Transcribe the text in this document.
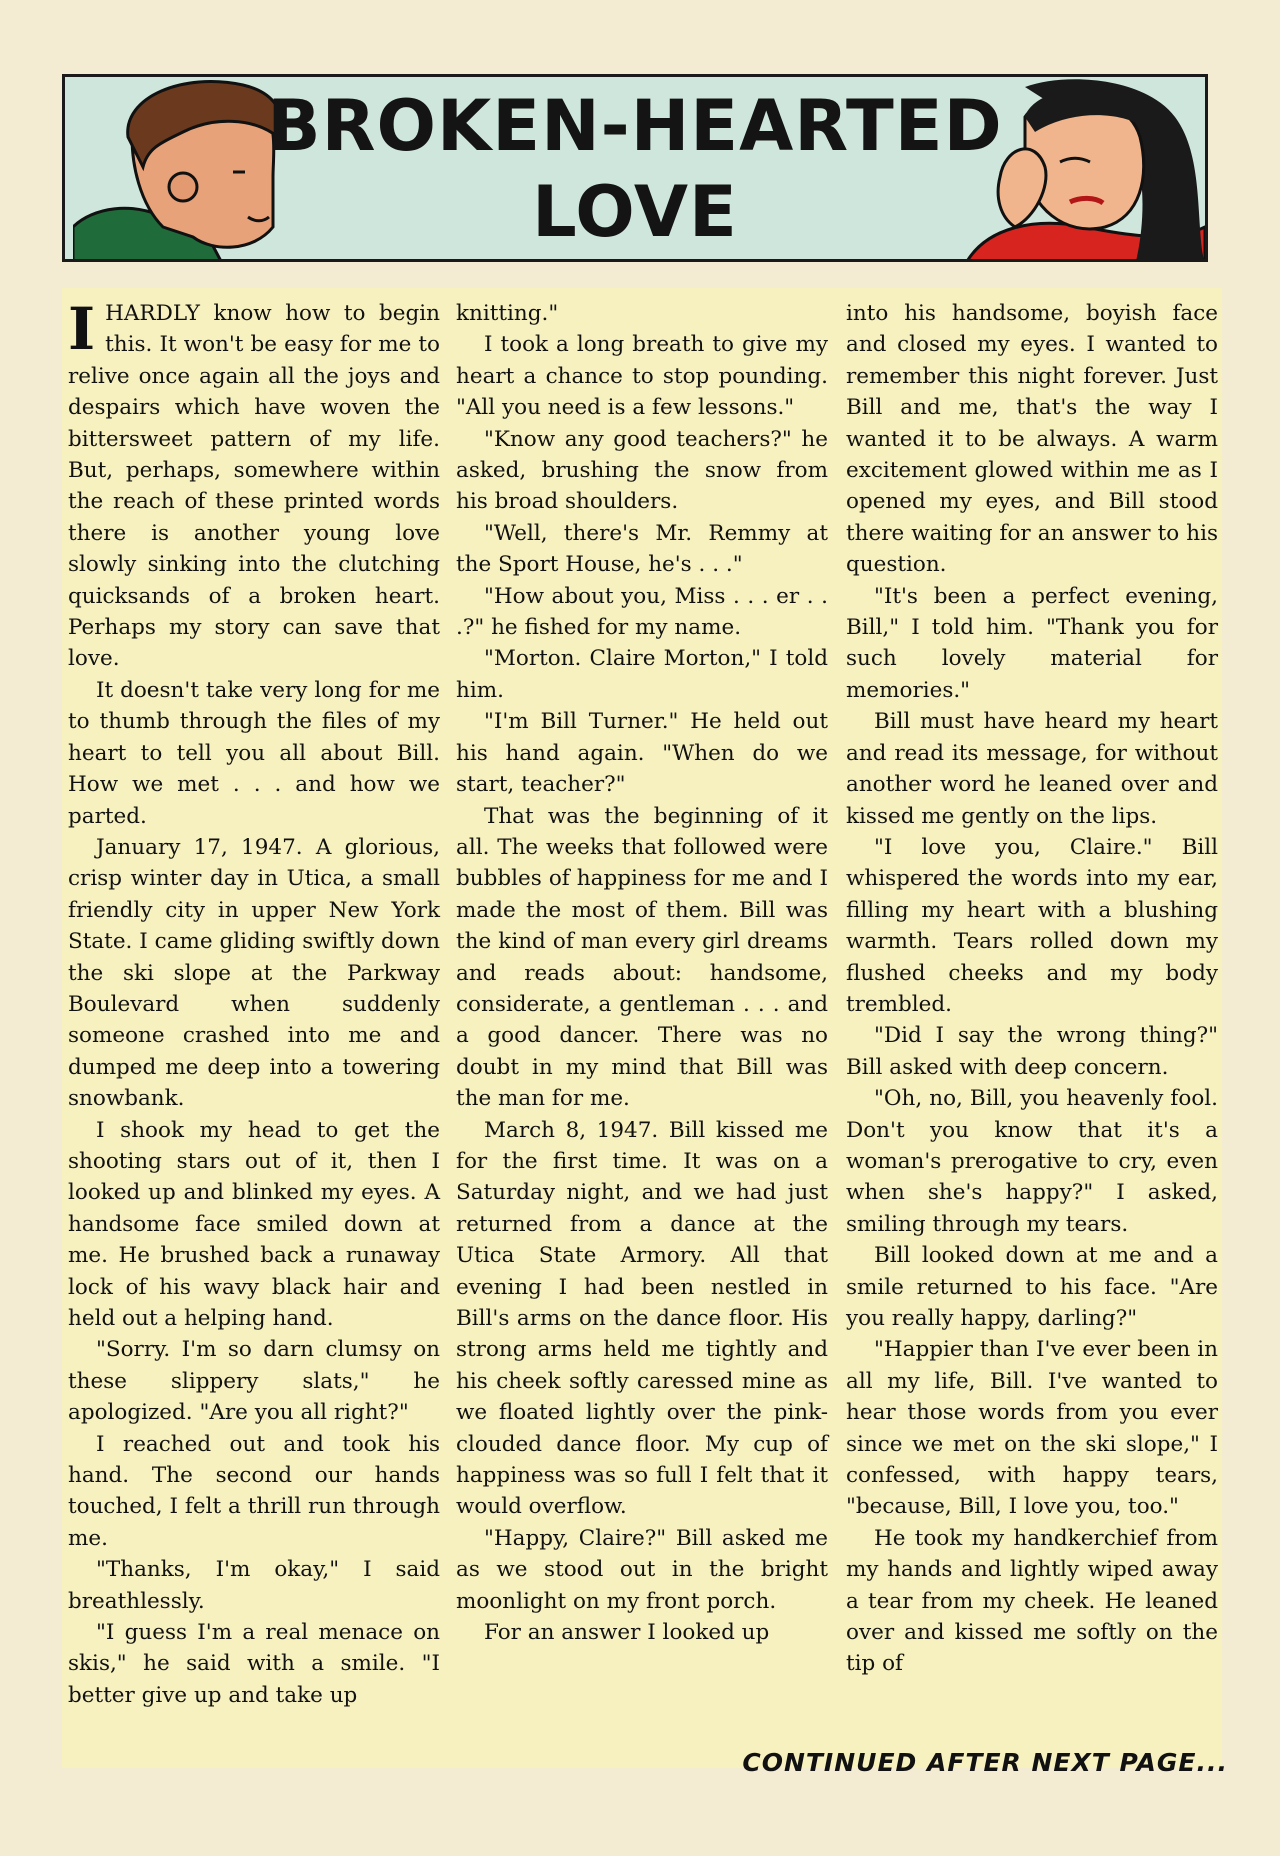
BROKEN-HEARTED
LOVE

I HARDLY know how to begin this. It won't be easy for me to relive once again all the joys and despairs which have woven the bittersweet pattern of my life. But, perhaps, somewhere within the reach of these printed words there is another young love slowly sinking into the clutching quicksands of a broken heart. Perhaps my story can save that love.

It doesn't take very long for me to thumb through the files of my heart to tell you all about Bill. How we met . . . and how we parted.

January 17, 1947. A glorious, crisp winter day in Utica, a small friendly city in upper New York State. I came gliding swiftly down the ski slope at the Parkway Boulevard when suddenly someone crashed into me and dumped me deep into a towering snowbank.

I shook my head to get the shooting stars out of it, then I looked up and blinked my eyes. A handsome face smiled down at me. He brushed back a runaway lock of his wavy black hair and held out a helping hand.

"Sorry. I'm so darn clumsy on these slippery slats," he apologized. "Are you all right?"

I reached out and took his hand. The second our hands touched, I felt a thrill run through me.

"Thanks, I'm okay," I said breathlessly.

"I guess I'm a real menace on skis," he said with a smile. "I better give up and take up

knitting."

I took a long breath to give my heart a chance to stop pounding. "All you need is a few lessons."

"Know any good teachers?" he asked, brushing the snow from his broad shoulders.

"Well, there's Mr. Remmy at the Sport House, he's . . ."

"How about you, Miss . . . er . . .?" he fished for my name.

"Morton. Claire Morton," I told him.

"I'm Bill Turner." He held out his hand again. "When do we start, teacher?"

That was the beginning of it all. The weeks that followed were bubbles of happiness for me and I made the most of them. Bill was the kind of man every girl dreams and reads about: handsome, considerate, a gentleman . . . and a good dancer. There was no doubt in my mind that Bill was the man for me.

March 8, 1947. Bill kissed me for the first time. It was on a Saturday night, and we had just returned from a dance at the Utica State Armory. All that evening I had been nestled in Bill's arms on the dance floor. His strong arms held me tightly and his cheek softly caressed mine as we floated lightly over the pink-clouded dance floor. My cup of happiness was so full I felt that it would overflow.

"Happy, Claire?" Bill asked me as we stood out in the bright moonlight on my front porch.

For an answer I looked up

into his handsome, boyish face and closed my eyes. I wanted to remember this night forever. Just Bill and me, that's the way I wanted it to be always. A warm excitement glowed within me as I opened my eyes, and Bill stood there waiting for an answer to his question.

"It's been a perfect evening, Bill," I told him. "Thank you for such lovely material for memories."

Bill must have heard my heart and read its message, for without another word he leaned over and kissed me gently on the lips.

"I love you, Claire." Bill whispered the words into my ear, filling my heart with a blushing warmth. Tears rolled down my flushed cheeks and my body trembled.

"Did I say the wrong thing?" Bill asked with deep concern.

"Oh, no, Bill, you heavenly fool. Don't you know that it's a woman's prerogative to cry, even when she's happy?" I asked, smiling through my tears.

Bill looked down at me and a smile returned to his face. "Are you really happy, darling?"

"Happier than I've ever been in all my life, Bill. I've wanted to hear those words from you ever since we met on the ski slope," I confessed, with happy tears, "because, Bill, I love you, too."

He took my handkerchief from my hands and lightly wiped away a tear from my cheek. He leaned over and kissed me softly on the tip of

CONTINUED AFTER NEXT PAGE...
